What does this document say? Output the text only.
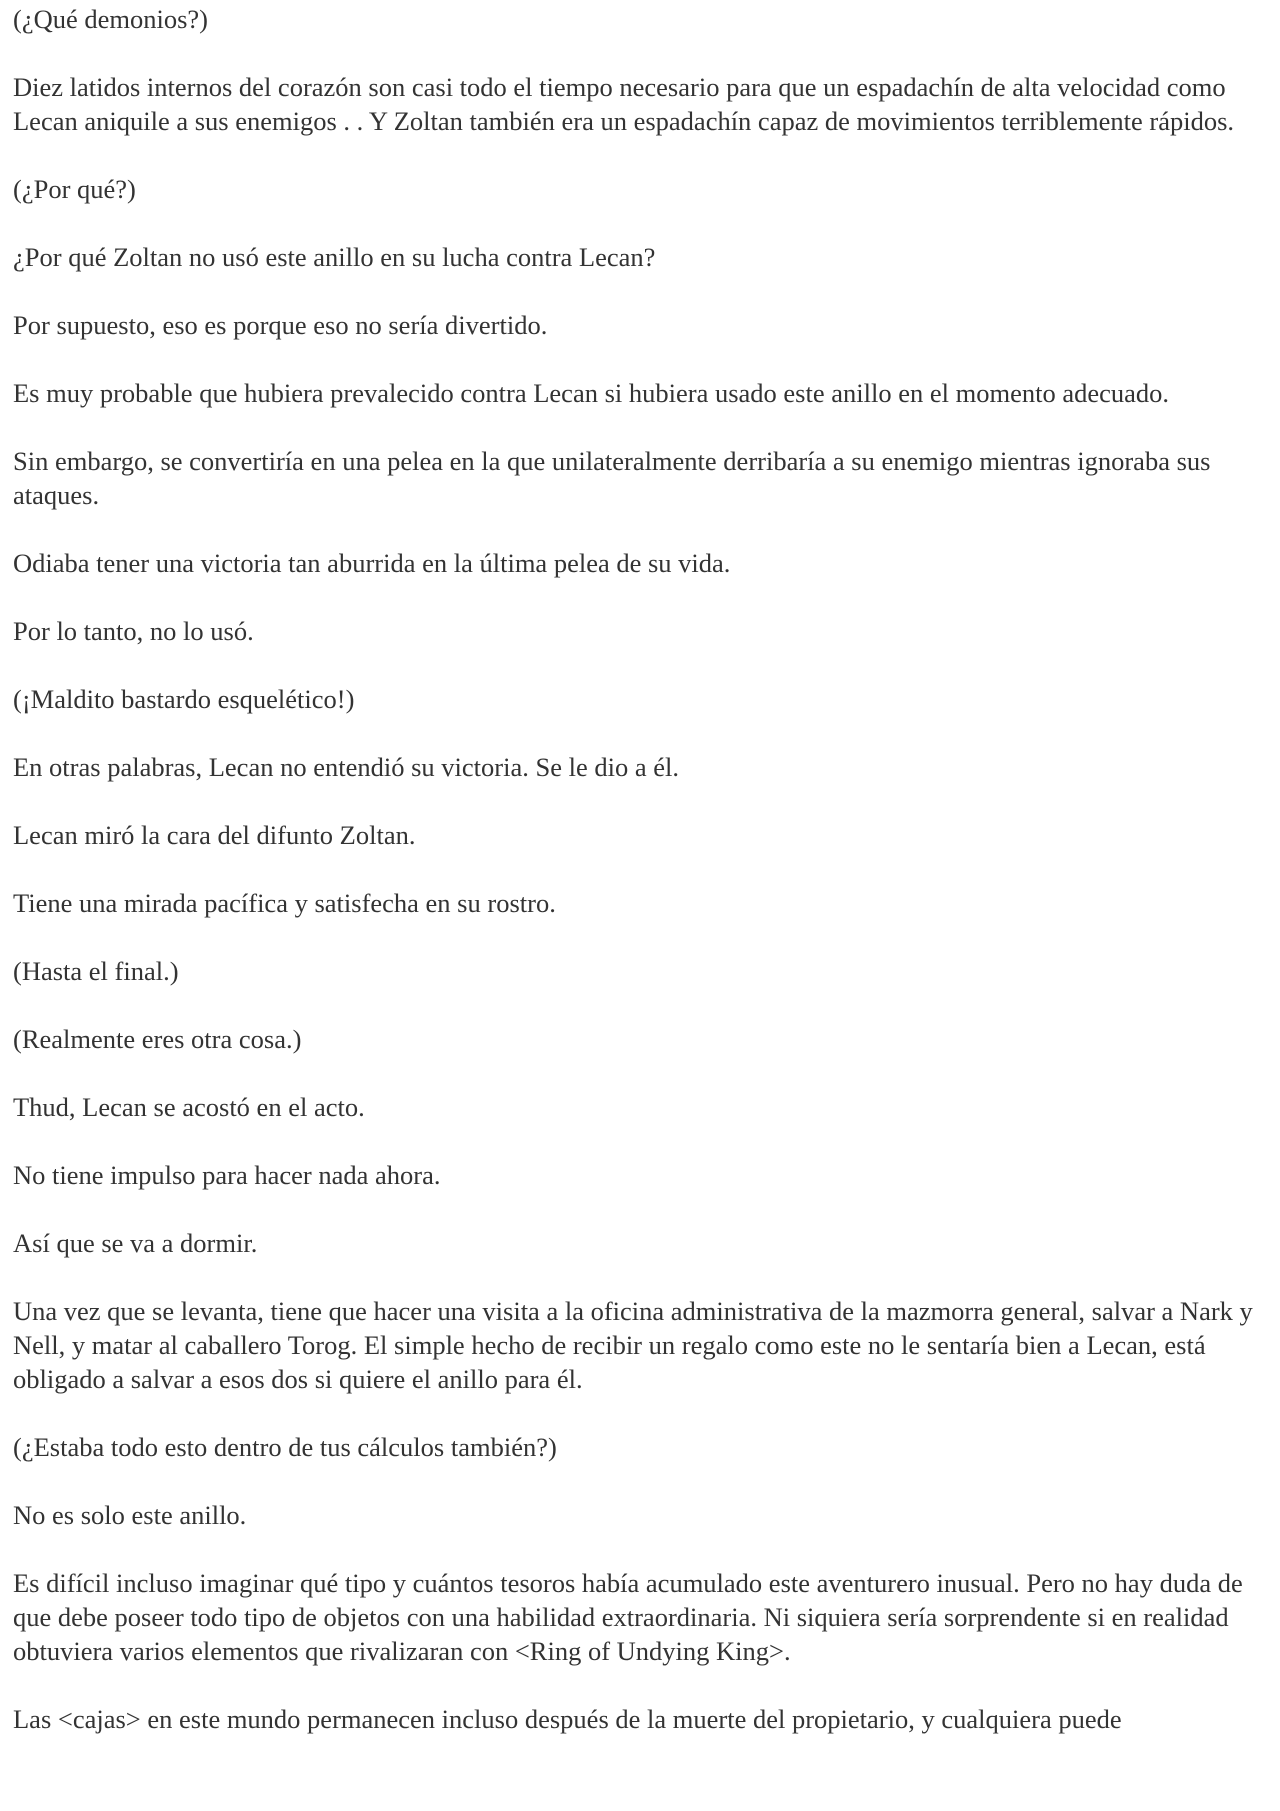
(¿Qué demonios?)

Diez latidos internos del corazón son casi todo el tiempo necesario para que un espadachín de alta velocidad como Lecan aniquile a sus enemigos . . Y Zoltan también era un espadachín capaz de movimientos terriblemente rápidos.

(¿Por qué?)

¿Por qué Zoltan no usó este anillo en su lucha contra Lecan?

Por supuesto, eso es porque eso no sería divertido.

Es muy probable que hubiera prevalecido contra Lecan si hubiera usado este anillo en el momento adecuado.

Sin embargo, se convertiría en una pelea en la que unilateralmente derribaría a su enemigo mientras ignoraba sus ataques.

Odiaba tener una victoria tan aburrida en la última pelea de su vida.

Por lo tanto, no lo usó.

(¡Maldito bastardo esquelético!)

En otras palabras, Lecan no entendió su victoria. Se le dio a él.

Lecan miró la cara del difunto Zoltan.

Tiene una mirada pacífica y satisfecha en su rostro.

(Hasta el final.)

(Realmente eres otra cosa.)

Thud, Lecan se acostó en el acto.

No tiene impulso para hacer nada ahora.

Así que se va a dormir.

Una vez que se levanta, tiene que hacer una visita a la oficina administrativa de la mazmorra general, salvar a Nark y Nell, y matar al caballero Torog. El simple hecho de recibir un regalo como este no le sentaría bien a Lecan, está obligado a salvar a esos dos si quiere el anillo para él.

(¿Estaba todo esto dentro de tus cálculos también?)

No es solo este anillo.

Es difícil incluso imaginar qué tipo y cuántos tesoros había acumulado este aventurero inusual. Pero no hay duda de que debe poseer todo tipo de objetos con una habilidad extraordinaria. Ni siquiera sería sorprendente si en realidad obtuviera varios elementos que rivalizaran con <Ring of Undying King>.

Las <cajas> en este mundo permanecen incluso después de la muerte del propietario, y cualquiera puede
